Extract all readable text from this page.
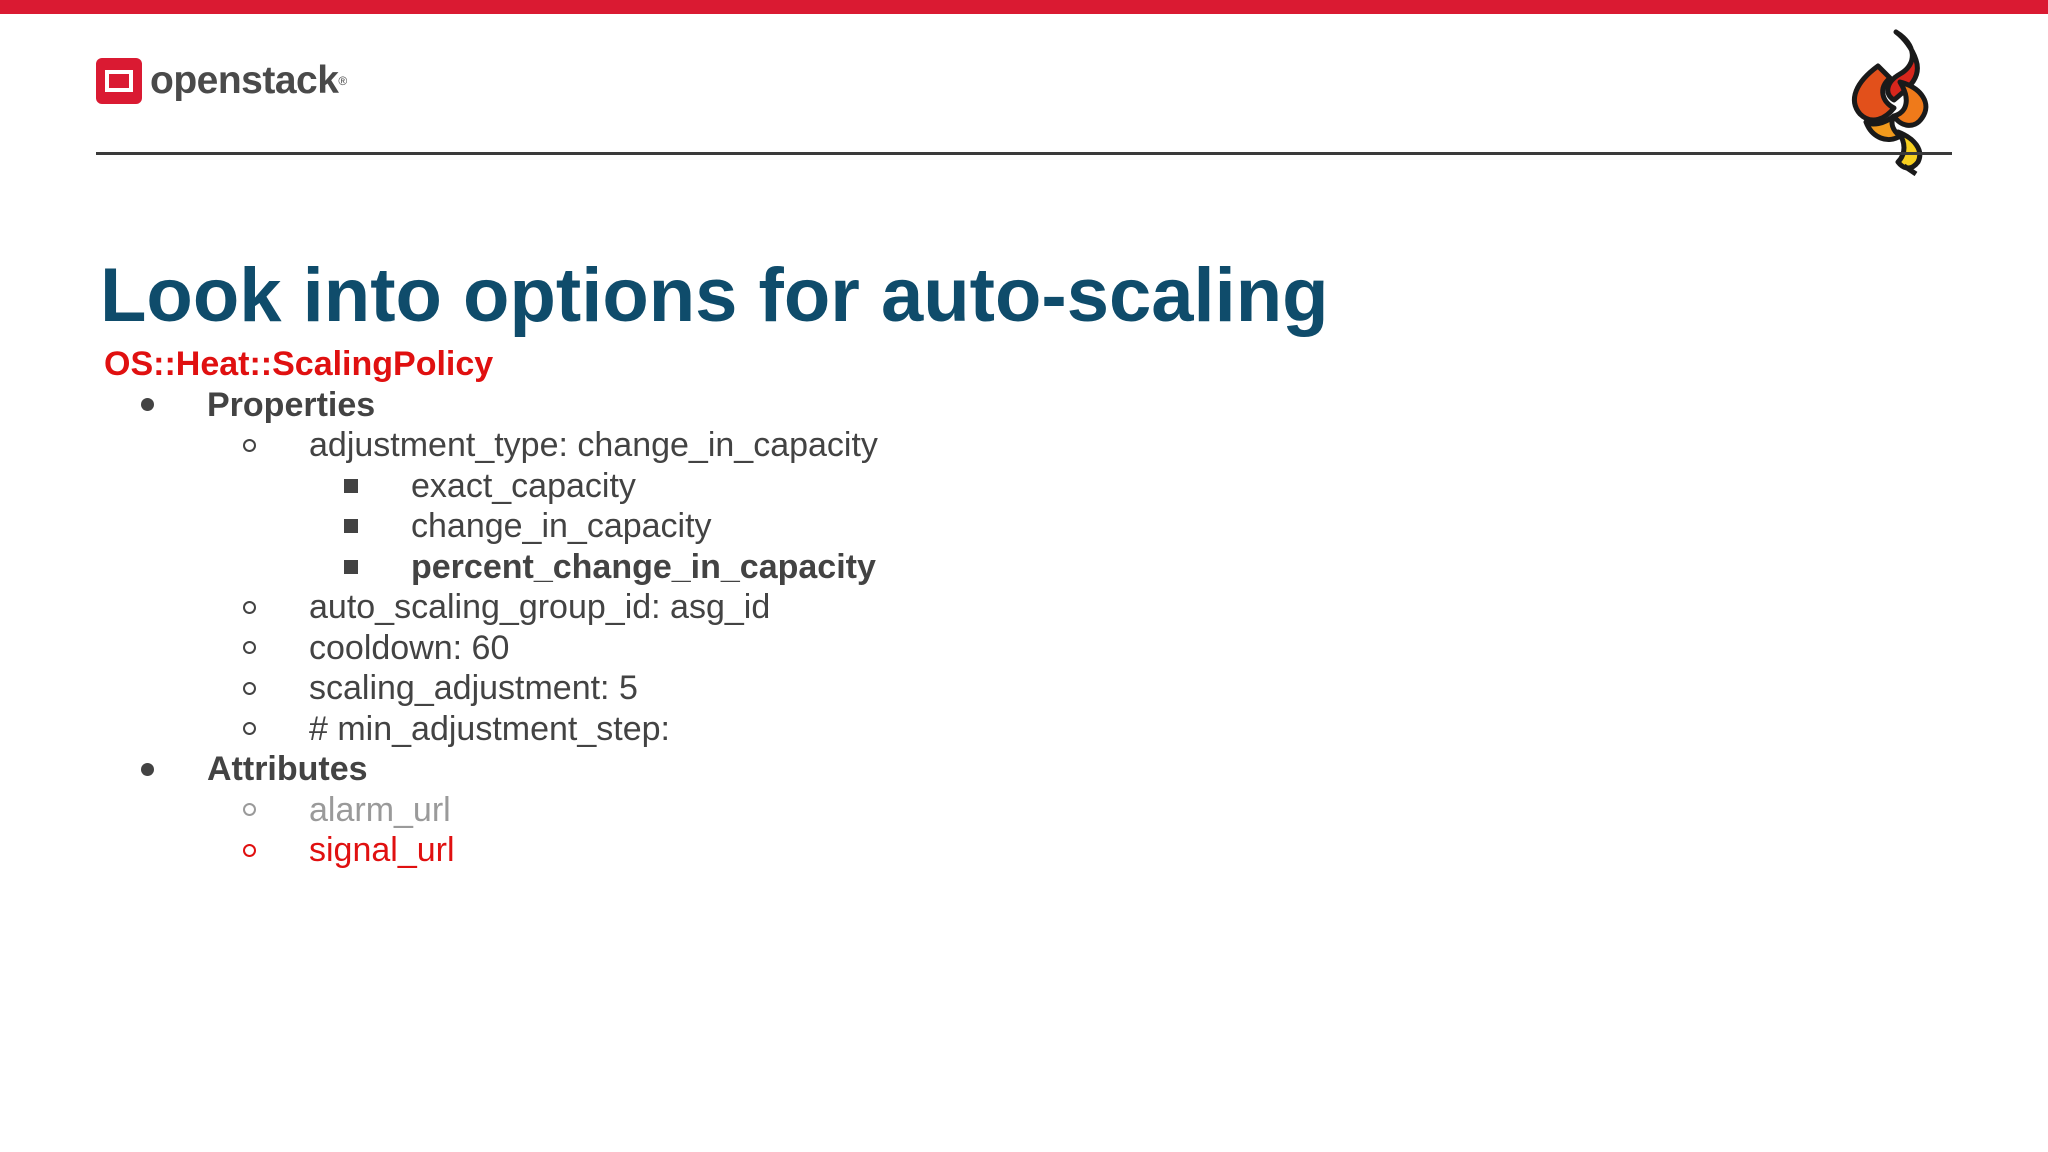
openstack®
Look into options for auto-scaling
OS::Heat::ScalingPolicy
Properties
adjustment_type: change_in_capacity
exact_capacity
change_in_capacity
percent_change_in_capacity
auto_scaling_group_id: asg_id
cooldown: 60
scaling_adjustment: 5
# min_adjustment_step:
Attributes
alarm_url
signal_url
